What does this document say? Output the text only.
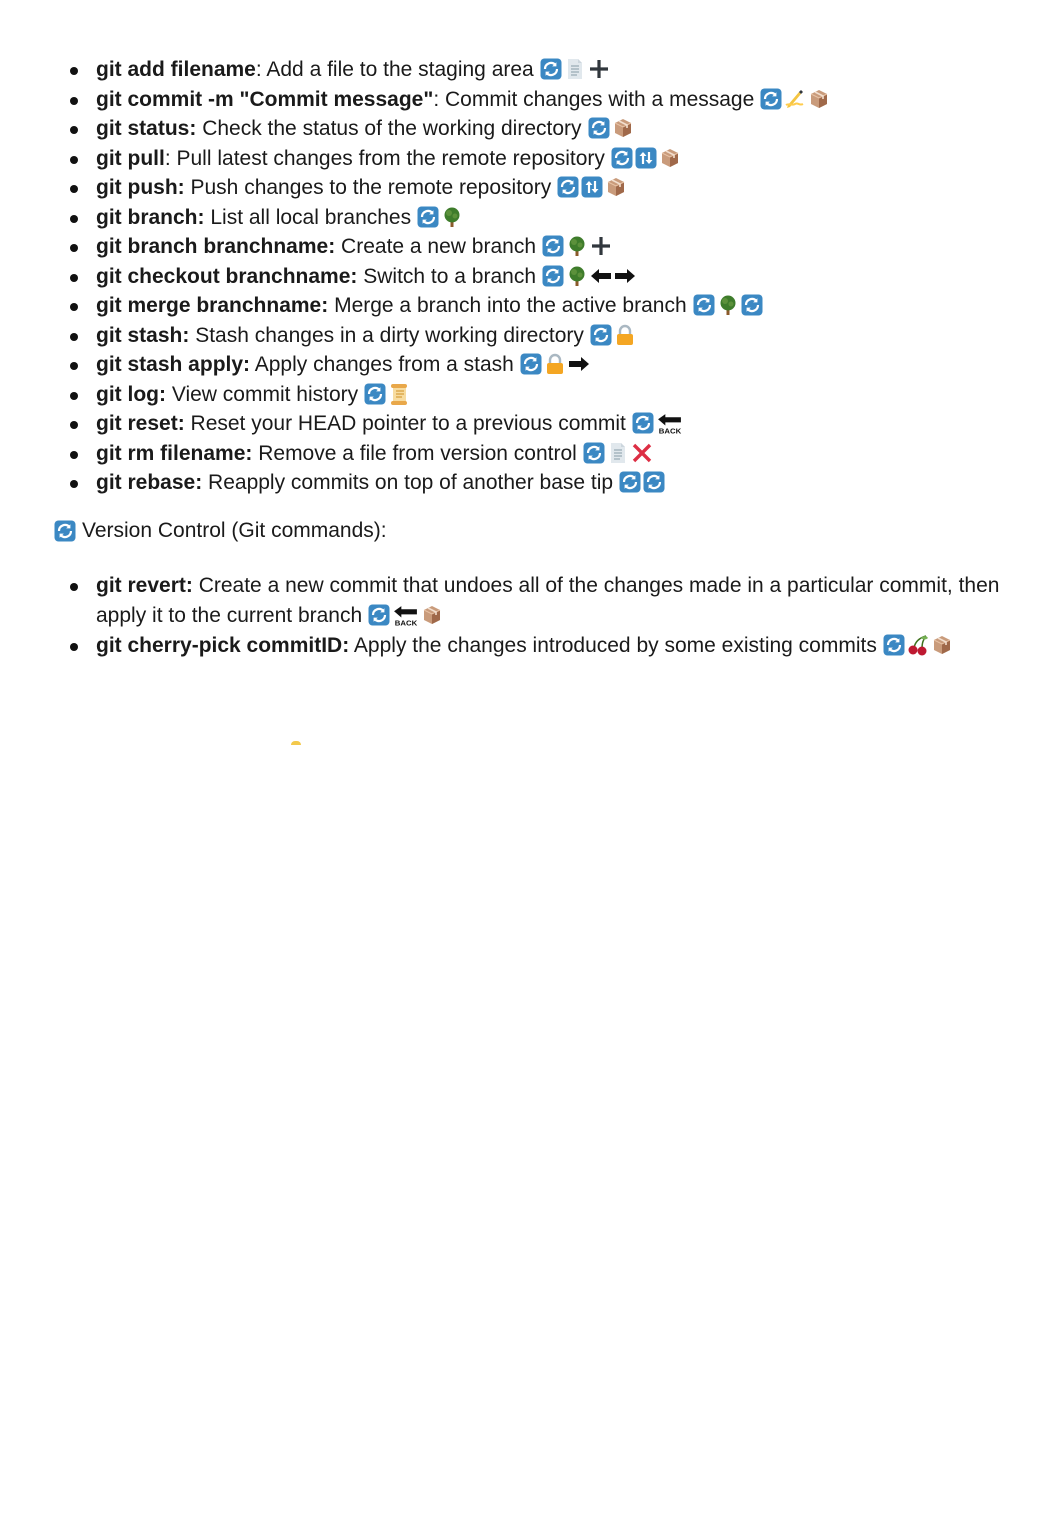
git add filename: Add a file to the staging area
git commit -m "Commit message": Commit changes with a message
git status: Check the status of the working directory
git pull: Pull latest changes from the remote repository
git push: Push changes to the remote repository
git branch: List all local branches
git branch branchname: Create a new branch
git checkout branchname: Switch to a branch
git merge branchname: Merge a branch into the active branch
git stash: Stash changes in a dirty working directory
git stash apply: Apply changes from a stash
git log: View commit history
git reset: Reset your HEAD pointer to a previous commit	BACK
git rm filename: Remove a file from version control
git rebase: Reapply commits on top of another base tip
Version Control (Git commands):
git revert: Create a new commit that undoes all of the changes made in a particular commit, then apply it to the current branch	BACK
git cherry-pick commitID: Apply the changes introduced by some existing commits
